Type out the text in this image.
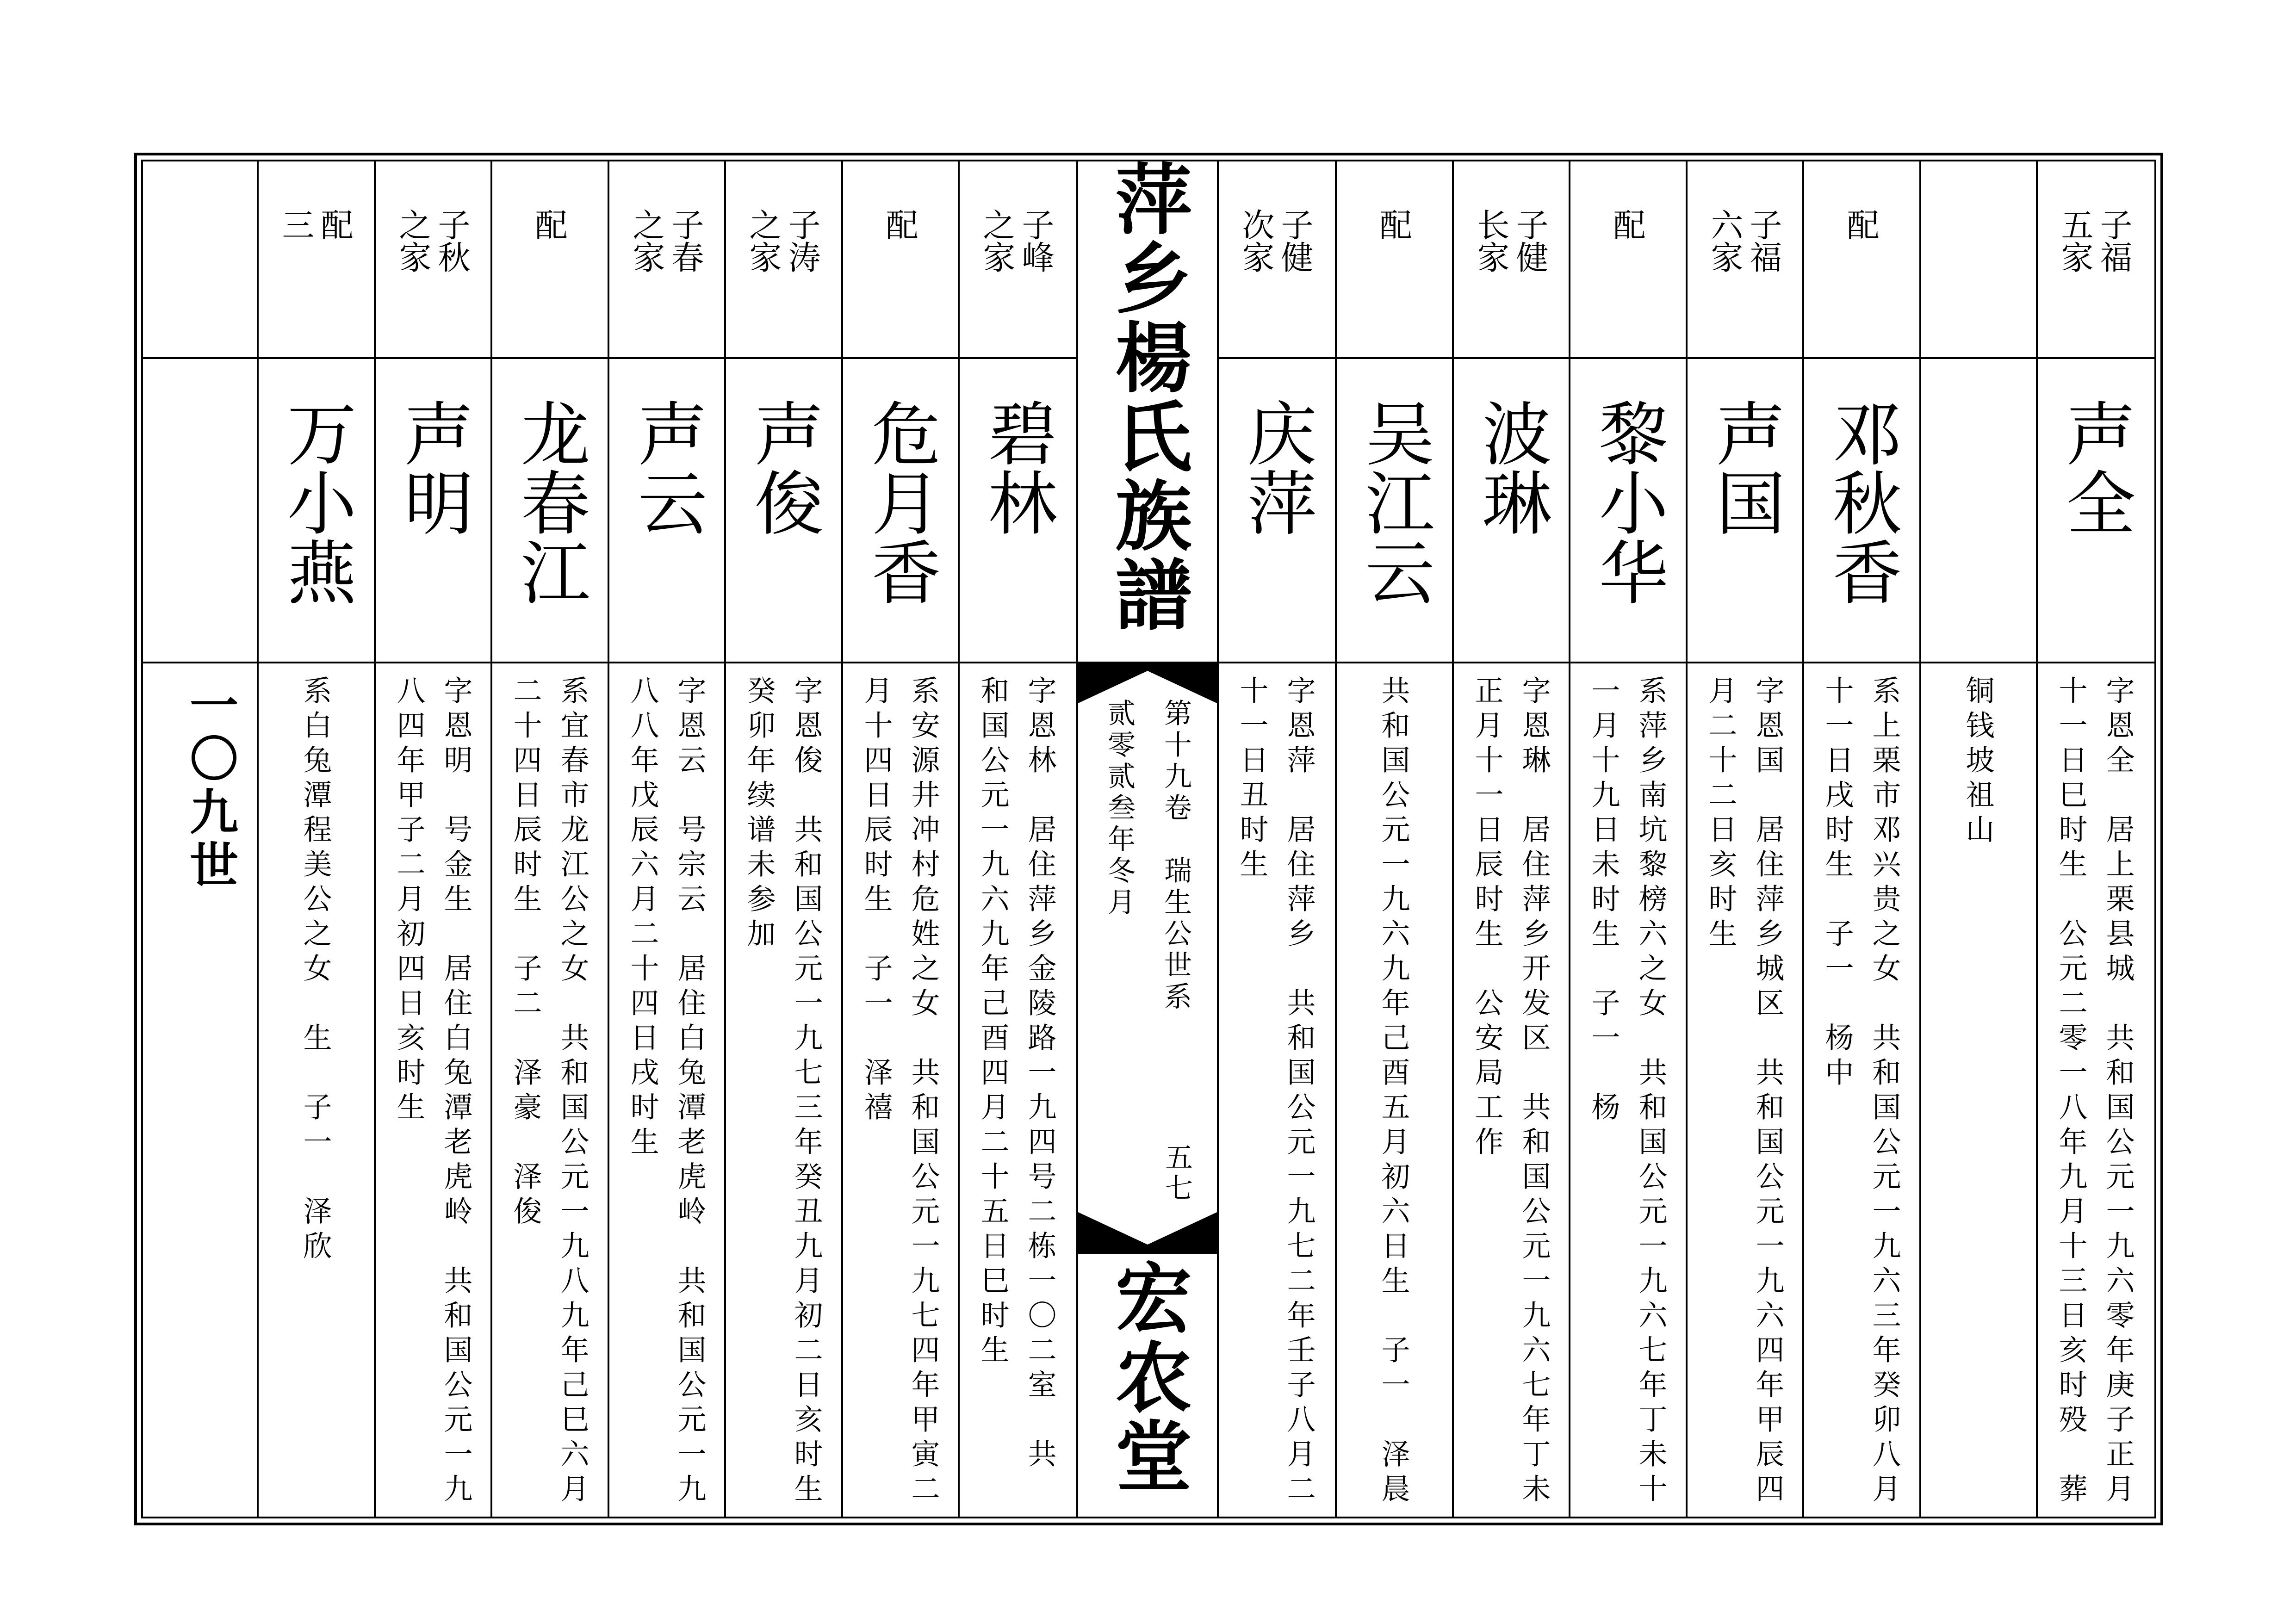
萍乡楊氏族譜
第十九卷　瑞生公世系
贰零贰叁年冬月
五七
宏农堂
一〇九世
五家 子福
声全
字恩全　居上栗县城　共和国公元一九六零年庚子正月
十一日巳时生　公元二零一八年九月十三日亥时殁　葬
铜钱坡祖山
配
邓秋香
系上栗市邓兴贵之女　共和国公元一九六三年癸卯八月
十一日戌时生　子一　杨中
六家 子福
声国
字恩国　居住萍乡城区　共和国公元一九六四年甲辰四
月二十二日亥时生
配
黎小华
系萍乡南坑黎榜六之女　共和国公元一九六七年丁未十
一月十九日未时生　子一　杨
长家 子健
波琳
字恩琳　居住萍乡开发区　共和国公元一九六七年丁未
正月十一日辰时生　公安局工作
配
吴江云
共和国公元一九六九年己酉五月初六日生　子一　泽晨
次家 子健
庆萍
字恩萍　居住萍乡　共和国公元一九七二年壬子八月二
十一日丑时生
之家 子峰
碧林
字恩林　居住萍乡金陵路一九四号二栋一〇二室　共
和国公元一九六九年己酉四月二十五日巳时生
配
危月香
系安源井冲村危姓之女　共和国公元一九七四年甲寅二
月十四日辰时生　子一　泽禧
之家 子涛
声俊
字恩俊　共和国公元一九七三年癸丑九月初二日亥时生
癸卯年续谱未参加
之家 子春
声云
字恩云　号宗云　居住白兔潭老虎岭　共和国公元一九
八八年戊辰六月二十四日戌时生
配
龙春江
系宜春市龙江公之女　共和国公元一九八九年己巳六月
二十四日辰时生　子二　泽豪　泽俊
之家 子秋
声明
字恩明　号金生　居住白兔潭老虎岭　共和国公元一九
八四年甲子二月初四日亥时生
三 配
万小燕
系白兔潭程美公之女　生　子一　泽欣
